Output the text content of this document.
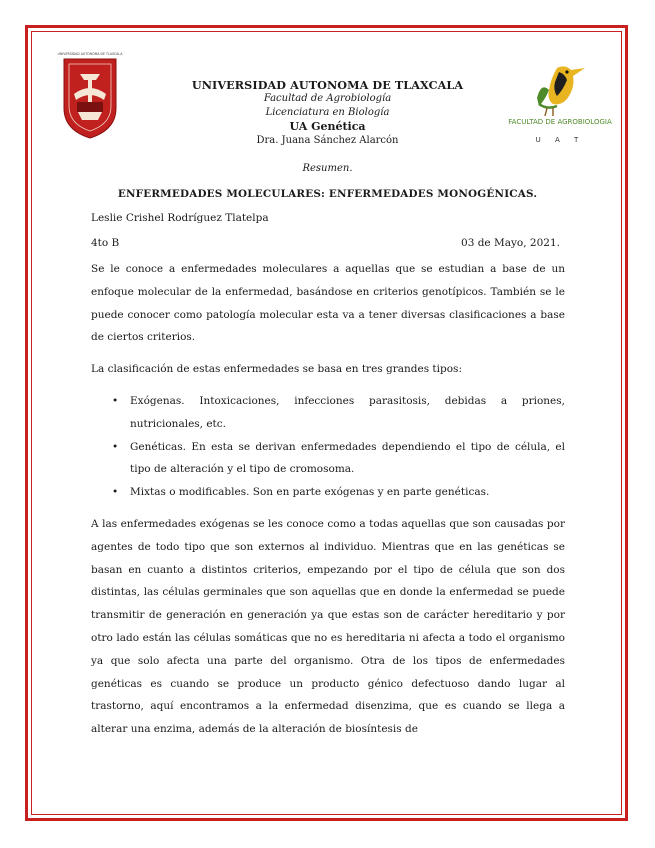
UNIVERSIDAD AUTÓNOMA DE TLAXCALA
FACULTAD DE AGROBIOLOGIA
U A T
UNIVERSIDAD AUTONOMA DE TLAXCALA
Facultad de Agrobiología
Licenciatura en Biología
UA Genética
Dra. Juana Sánchez Alarcón
Resumen.
ENFERMEDADES MOLECULARES: ENFERMEDADES MONOGÉNICAS.
Leslie Crishel Rodríguez Tlatelpa
4to B	03 de Mayo, 2021.
Se le conoce a enfermedades moleculares a aquellas que se estudian a base de un enfoque molecular de la enfermedad, basándose en criterios genotípicos. También se le puede conocer como patología molecular esta va a tener diversas clasificaciones a base de ciertos criterios.
La clasificación de estas enfermedades se basa en tres grandes tipos:
• Exógenas. Intoxicaciones, infecciones parasitosis, debidas a priones, nutricionales, etc.
• Genéticas. En esta se derivan enfermedades dependiendo el tipo de célula, el tipo de alteración y el tipo de cromosoma.
• Mixtas o modificables. Son en parte exógenas y en parte genéticas.
A las enfermedades exógenas se les conoce como a todas aquellas que son causadas por agentes de todo tipo que son externos al individuo. Mientras que en las genéticas se basan en cuanto a distintos criterios, empezando por el tipo de célula que son dos distintas, las células germinales que son aquellas que en donde la enfermedad se puede transmitir de generación en generación ya que estas son de carácter hereditario y por otro lado están las células somáticas que no es hereditaria ni afecta a todo el organismo ya que solo afecta una parte del organismo. Otra de los tipos de enfermedades genéticas es cuando se produce un producto génico defectuoso dando lugar al trastorno, aquí encontramos a la enfermedad disenzima, que es cuando se llega a alterar una enzima, además de la alteración de biosíntesis de
